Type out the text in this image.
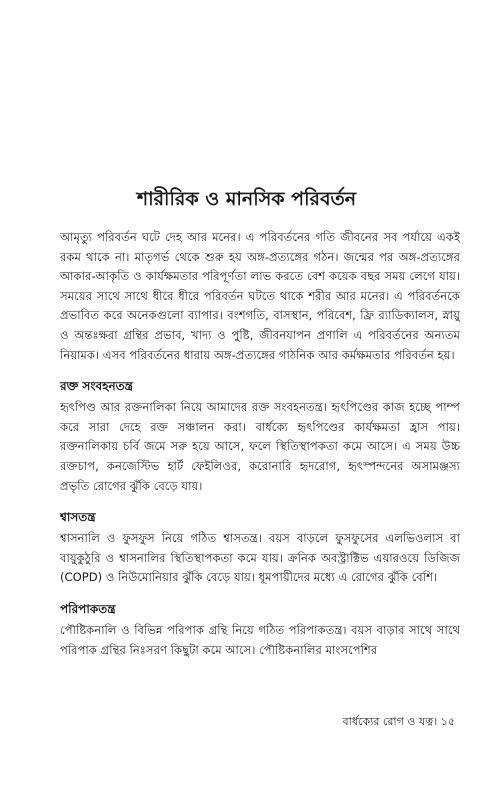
শারীরিক ও মানসিক পরিবর্তন

আমৃত্যু পরিবর্তন ঘটে দেহ আর মনের। এ পরিবর্তনের গতি জীবনের সব পর্যায়ে একই রকম থাকে না। মাতৃগর্ভ থেকে শুরু হয় অঙ্গ-প্রত্যঙ্গের গঠন। জন্মের পর অঙ্গ-প্রত্যঙ্গের আকার-আকৃতি ও কার্যক্ষমতার পরিপূর্ণতা লাভ করতে বেশ কয়েক বছর সময় লেগে যায়। সময়ের সাথে সাথে ধীরে ধীরে পরিবর্তন ঘটতে থাকে শরীর আর মনের। এ পরিবর্তনকে প্রভাবিত করে অনেকগুলো ব্যাপার। বংশগতি, বাসস্থান, পরিবেশ, ফ্রি র‍্যাডিক্যালস, স্নায়ু ও অন্তঃক্ষরা গ্রন্থির প্রভাব, খাদ্য ও পুষ্টি, জীবনযাপন প্রণালি এ পরিবর্তনের অন্যতম নিয়ামক। এসব পরিবর্তনের ধারায় অঙ্গ-প্রত্যঙ্গের গাঠনিক আর কর্মক্ষমতার পরিবর্তন হয়।

রক্ত সংবহনতন্ত্র

হৃৎপিণ্ড আর রক্তনালিকা নিয়ে আমাদের রক্ত সংবহনতন্ত্র। হৃৎপিণ্ডের কাজ হচ্ছে পাম্প করে সারা দেহে রক্ত সঞ্চালন করা। বার্ধক্যে হৃৎপিণ্ডের কার্যক্ষমতা হ্রাস পায়। রক্তনালিকায় চর্বি জমে সরু হয়ে আসে, ফলে স্থিতিস্থাপকতা কমে আসে। এ সময় উচ্চ রক্তচাপ, কনজেস্টিভ হার্ট ফেইলিওর, করোনারি হৃদরোগ, হৃৎস্পন্দনের অসামঞ্জস্য প্রভৃতি রোগের ঝুঁকি বেড়ে যায়।

শ্বাসতন্ত্র

শ্বাসনালি ও ফুসফুস নিয়ে গঠিত শ্বাসতন্ত্র। বয়স বাড়লে ফুসফুসের এলভিওলাস বা বায়ুকুঠুরি ও শ্বাসনালির স্থিতিস্থাপকতা কমে যায়। ক্রনিক অবস্ট্রাক্টিভ এয়ারওয়ে ডিজিজ (COPD) ও নিউমোনিয়ার ঝুঁকি বেড়ে যায়। ধূমপায়ীদের মধ্যে এ রোগের ঝুঁকি বেশি।

পরিপাকতন্ত্র

পৌষ্টিকনালি ও বিভিন্ন পরিপাক গ্রন্থি নিয়ে গঠিত পরিপাকতন্ত্র। বয়স বাড়ার সাথে সাথে পরিপাক গ্রন্থির নিঃসরণ কিছুটা কমে আসে। পৌষ্টিকনালির মাংসপেশির

বার্ধক্যের রোগ ও যত্ন। ১৫
